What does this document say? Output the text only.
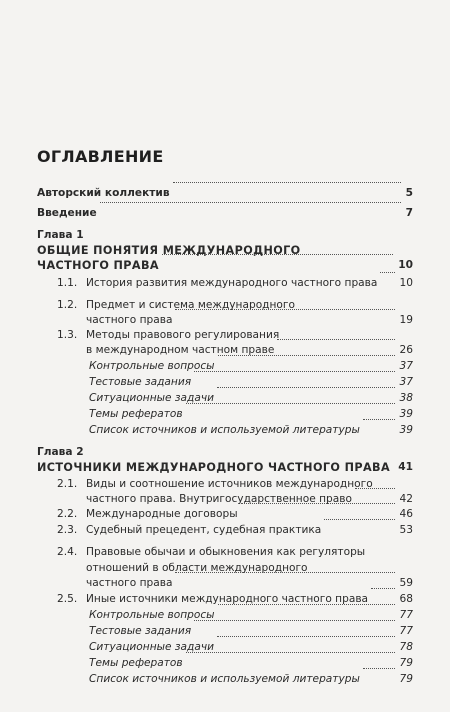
ОГЛАВЛЕНИЕ
Авторский коллектив	5
Введение	7
Глава 1
ОБЩИЕ ПОНЯТИЯ МЕЖДУНАРОДНОГО
ЧАСТНОГО ПРАВА	10
1.1. История развития международного частного права 10
1.2. Предмет и система международного
частного права	19
1.3. Методы правового регулирования
в международном частном праве	26
Контрольные вопросы	37
Тестовые задания	37
Ситуационные задачи	38
Темы рефератов	39
Список источников и используемой литературы	39
Глава 2
ИСТОЧНИКИ МЕЖДУНАРОДНОГО ЧАСТНОГО ПРАВА 41
2.1. Виды и соотношение источников международного
частного права. Внутригосударственное право	42
2.2. Международные договоры	46
2.3. Судебный прецедент, судебная практика	53
2.4. Правовые обычаи и обыкновения как регуляторы
отношений в области международного
частного права	59
2.5. Иные источники международного частного права	68
Контрольные вопросы	77
Тестовые задания	77
Ситуационные задачи	78
Темы рефератов	79
Список источников и используемой литературы	79
